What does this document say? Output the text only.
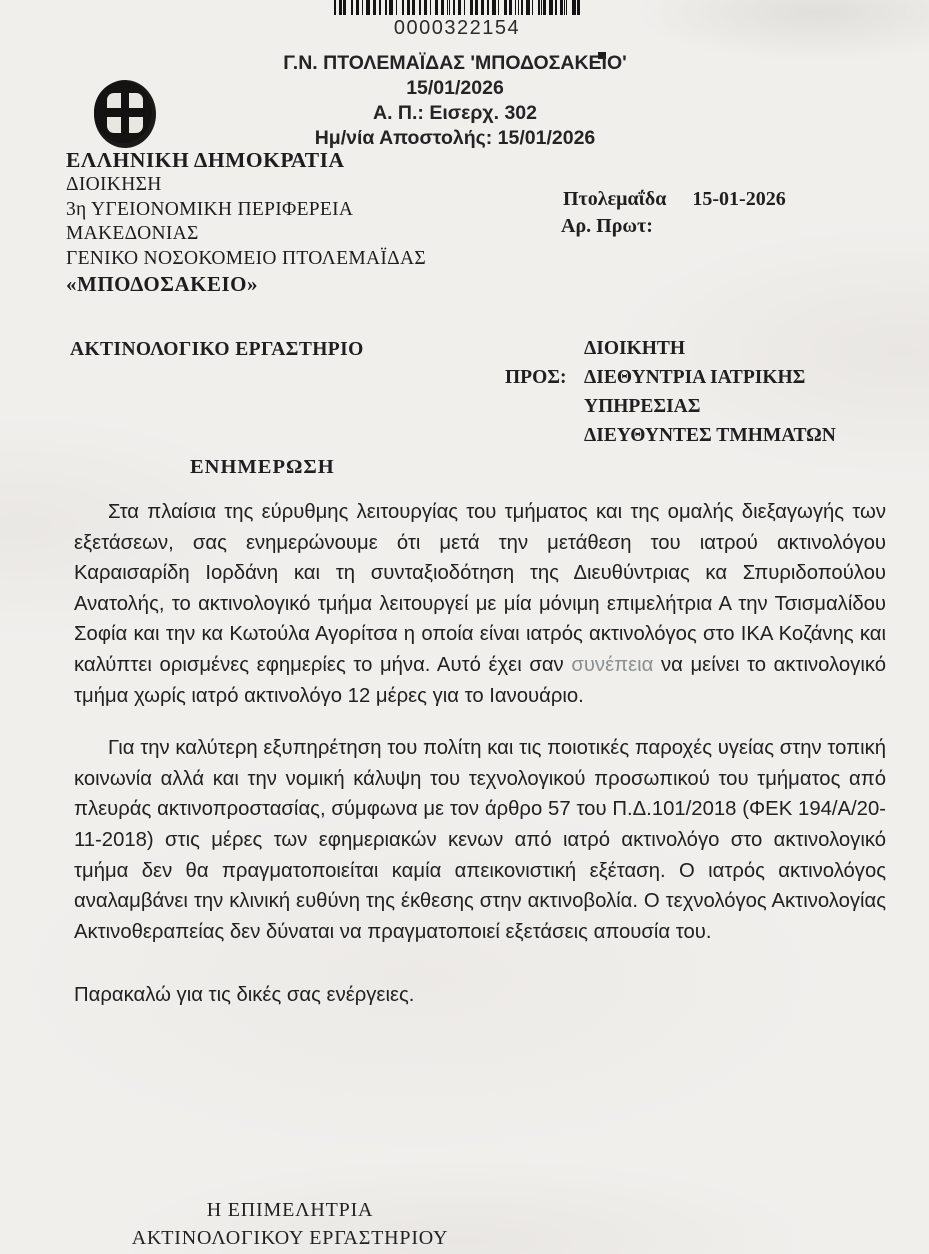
0000322154
Γ.Ν. ΠΤΟΛΕΜΑΪΔΑΣ 'ΜΠΟΔΟΣΑΚΕΙΟ'
15/01/2026
Α. Π.: Εισερχ. 302
Ημ/νία Αποστολής: 15/01/2026
ΕΛΛΗΝΙΚΗ ΔΗΜΟΚΡΑΤΙΑ
ΔΙΟΙΚΗΣΗ
3η ΥΓΕΙΟΝΟΜΙΚΗ ΠΕΡΙΦΕΡΕΙΑ
ΜΑΚΕΔΟΝΙΑΣ
ΓΕΝΙΚΟ ΝΟΣΟΚΟΜΕΙΟ ΠΤΟΛΕΜΑΪΔΑΣ
«ΜΠΟΔΟΣΑΚΕΙΟ»
Πτολεμαΐδα 15-01-2026
Αρ. Πρωτ:
ΑΚΤΙΝΟΛΟΓΙΚΟ ΕΡΓΑΣΤΗΡΙΟ
ΠΡΟΣ:
ΔΙΟΙΚΗΤΗ
ΔΙΕΘΥΝΤΡΙΑ ΙΑΤΡΙΚΗΣ
ΥΠΗΡΕΣΙΑΣ
ΔΙΕΥΘΥΝΤΕΣ ΤΜΗΜΑΤΩΝ
ΕΝΗΜΕΡΩΣΗ

Στα πλαίσια της εύρυθμης λειτουργίας του τμήματος και της ομαλής διεξαγωγής των εξετάσεων, σας ενημερώνουμε ότι μετά την μετάθεση του ιατρού ακτινολόγου Καραισαρίδη Ιορδάνη και τη συνταξιοδότηση της Διευθύντριας κα Σπυριδοπούλου Ανατολής, το ακτινολογικό τμήμα λειτουργεί με μία μόνιμη επιμελήτρια Α την Τσισμαλίδου Σοφία και την κα Κωτούλα Αγορίτσα η οποία είναι ιατρός ακτινολόγος στο ΙΚΑ Κοζάνης και καλύπτει ορισμένες εφημερίες το μήνα. Αυτό έχει σαν συνέπεια να μείνει το ακτινολογικό τμήμα χωρίς ιατρό ακτινολόγο 12 μέρες για το Ιανουάριο.

Για την καλύτερη εξυπηρέτηση του πολίτη και τις ποιοτικές παροχές υγείας στην τοπική κοινωνία αλλά και την νομική κάλυψη του τεχνολογικού προσωπικού του τμήματος από πλευράς ακτινοπροστασίας, σύμφωνα με τον άρθρο 57 του Π.Δ.101/2018 (ΦΕΚ 194/Α/20-11-2018) στις μέρες των εφημεριακών κενων από ιατρό ακτινολόγο στο ακτινολογικό τμήμα δεν θα πραγματοποιείται καμία απεικονιστική εξέταση. Ο ιατρός ακτινολόγος αναλαμβάνει την κλινική ευθύνη της έκθεσης στην ακτινοβολία. Ο τεχνολόγος Ακτινολογίας Ακτινοθεραπείας δεν δύναται να πραγματοποιεί εξετάσεις απουσία του.

Παρακαλώ για τις δικές σας ενέργειες.

Η ΕΠΙΜΕΛΗΤΡΙΑ
ΑΚΤΙΝΟΛΟΓΙΚΟΥ ΕΡΓΑΣΤΗΡΙΟΥ
